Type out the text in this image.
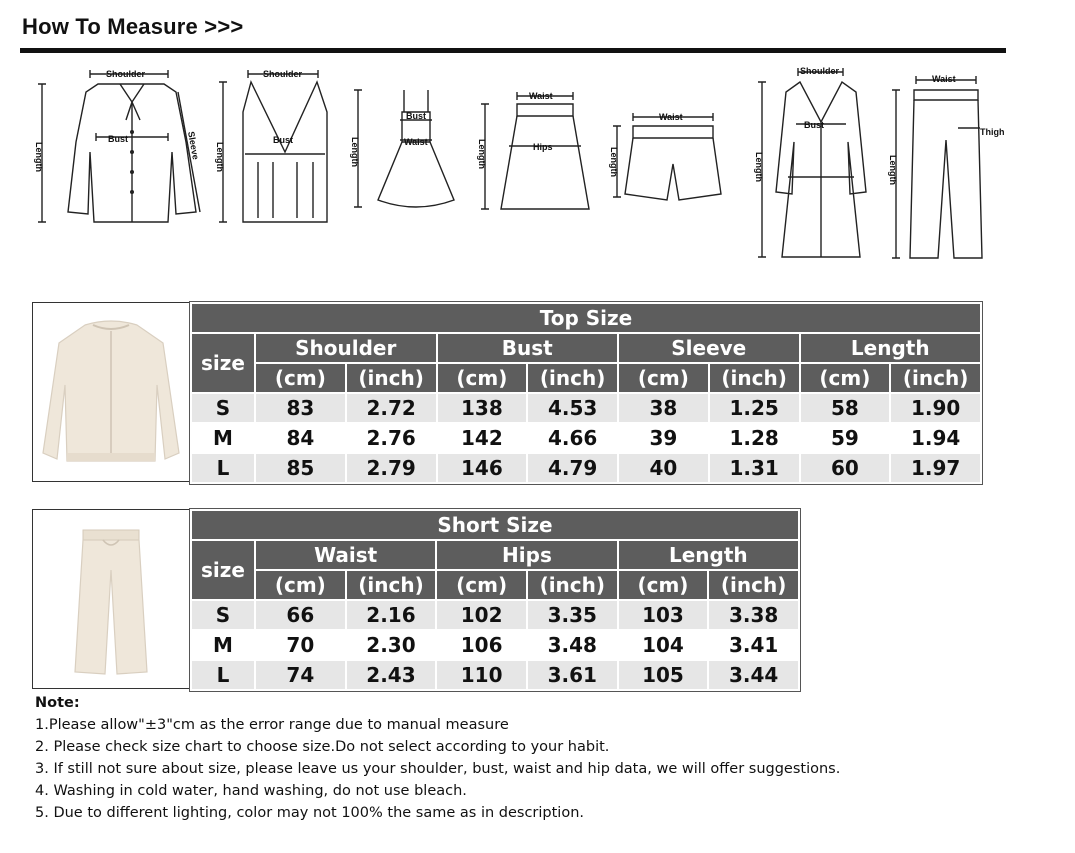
How To Measure >>>
Shoulder
Bust	Sleeve
Length
Shoulder
Bust
Length
Bust
Waist
Length
Waist
Hips
Length
Waist
Length
Shoulder
Bust
Length
Waist
Thigh
Length
Top Size								
size	Shoulder		Bust		Sleeve		Length	
	(cm)	(inch)	(cm)	(inch)	(cm)	(inch)	(cm)	(inch)
S	83	2.72	138	4.53	38	1.25	58	1.90
M	84	2.76	142	4.66	39	1.28	59	1.94
L	85	2.79	146	4.79	40	1.31	60	1.97
Short Size						
size	Waist		Hips		Length	
	(cm)	(inch)	(cm)	(inch)	(cm)	(inch)
S	66	2.16	102	3.35	103	3.38
M	70	2.30	106	3.48	104	3.41
L	74	2.43	110	3.61	105	3.44
Note:
1.Please allow"±3"cm as the error range due to manual measure
2. Please check size chart to choose size.Do not select according to your habit.
3. If still not sure about size, please leave us your shoulder, bust, waist and hip data, we will offer suggestions.
4. Washing in cold water, hand washing, do not use bleach.
5. Due to different lighting, color may not 100% the same as in description.
